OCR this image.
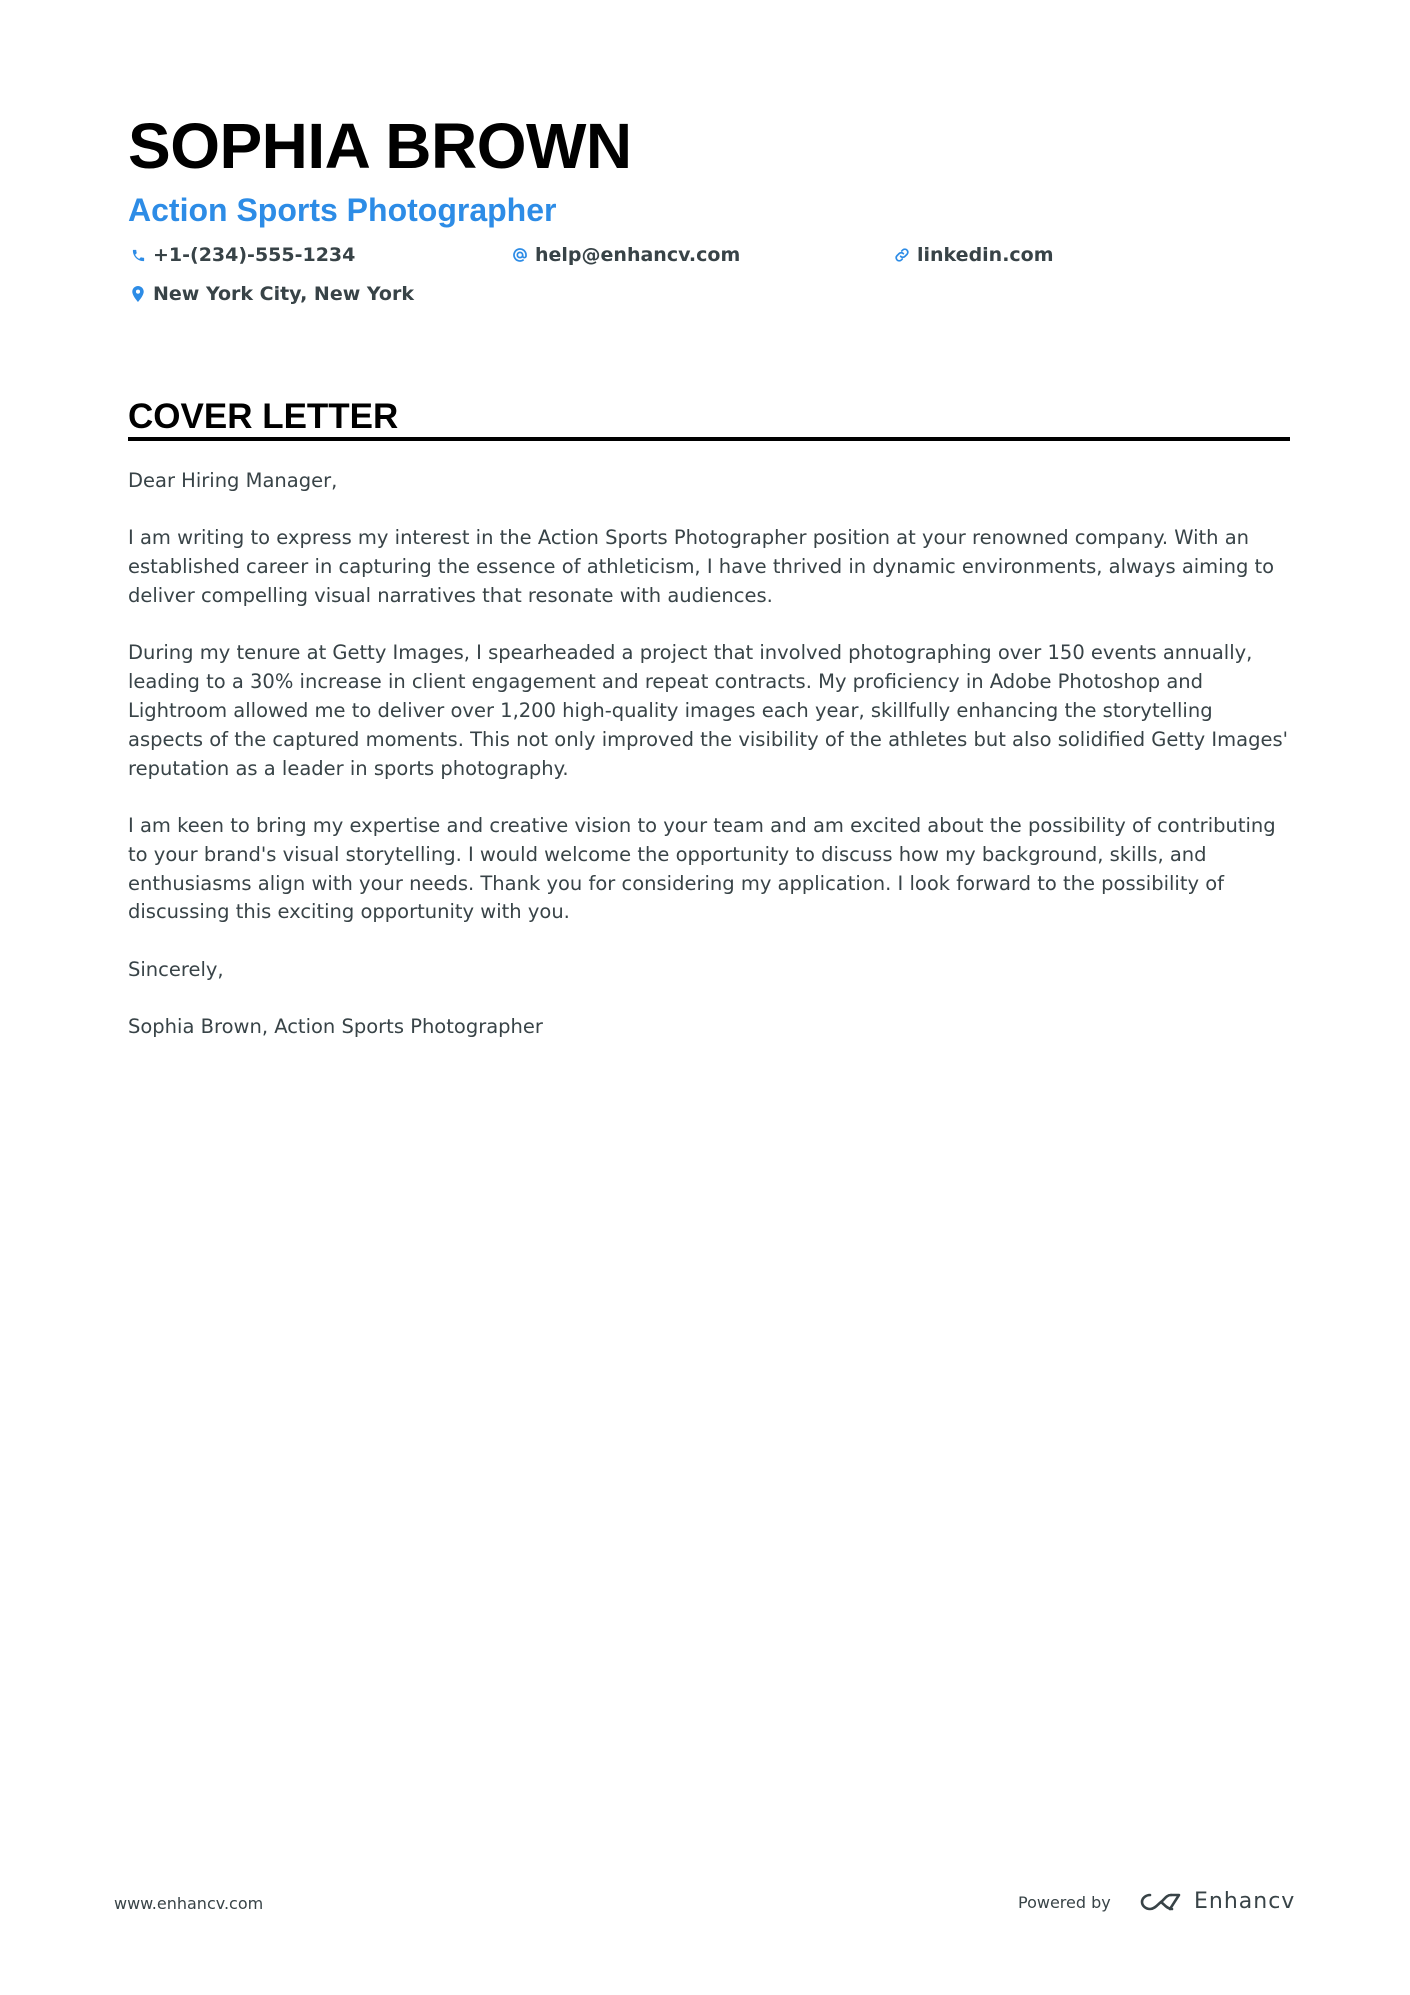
SOPHIA BROWN
Action Sports Photographer
+1-(234)-555-1234	help@enhancv.com	linkedin.com
New York City, New York
COVER LETTER

Dear Hiring Manager,

I am writing to express my interest in the Action Sports Photographer position at your renowned company. With an established career in capturing the essence of athleticism, I have thrived in dynamic environments, always aiming to deliver compelling visual narratives that resonate with audiences.

During my tenure at Getty Images, I spearheaded a project that involved photographing over 150 events annually, leading to a 30% increase in client engagement and repeat contracts. My proficiency in Adobe Photoshop and Lightroom allowed me to deliver over 1,200 high-quality images each year, skillfully enhancing the storytelling aspects of the captured moments. This not only improved the visibility of the athletes but also solidified Getty Images' reputation as a leader in sports photography.

I am keen to bring my expertise and creative vision to your team and am excited about the possibility of contributing to your brand's visual storytelling. I would welcome the opportunity to discuss how my background, skills, and enthusiasms align with your needs. Thank you for considering my application. I look forward to the possibility of discussing this exciting opportunity with you.

Sincerely,

Sophia Brown, Action Sports Photographer

www.enhancv.com	Powered by	Enhancv
